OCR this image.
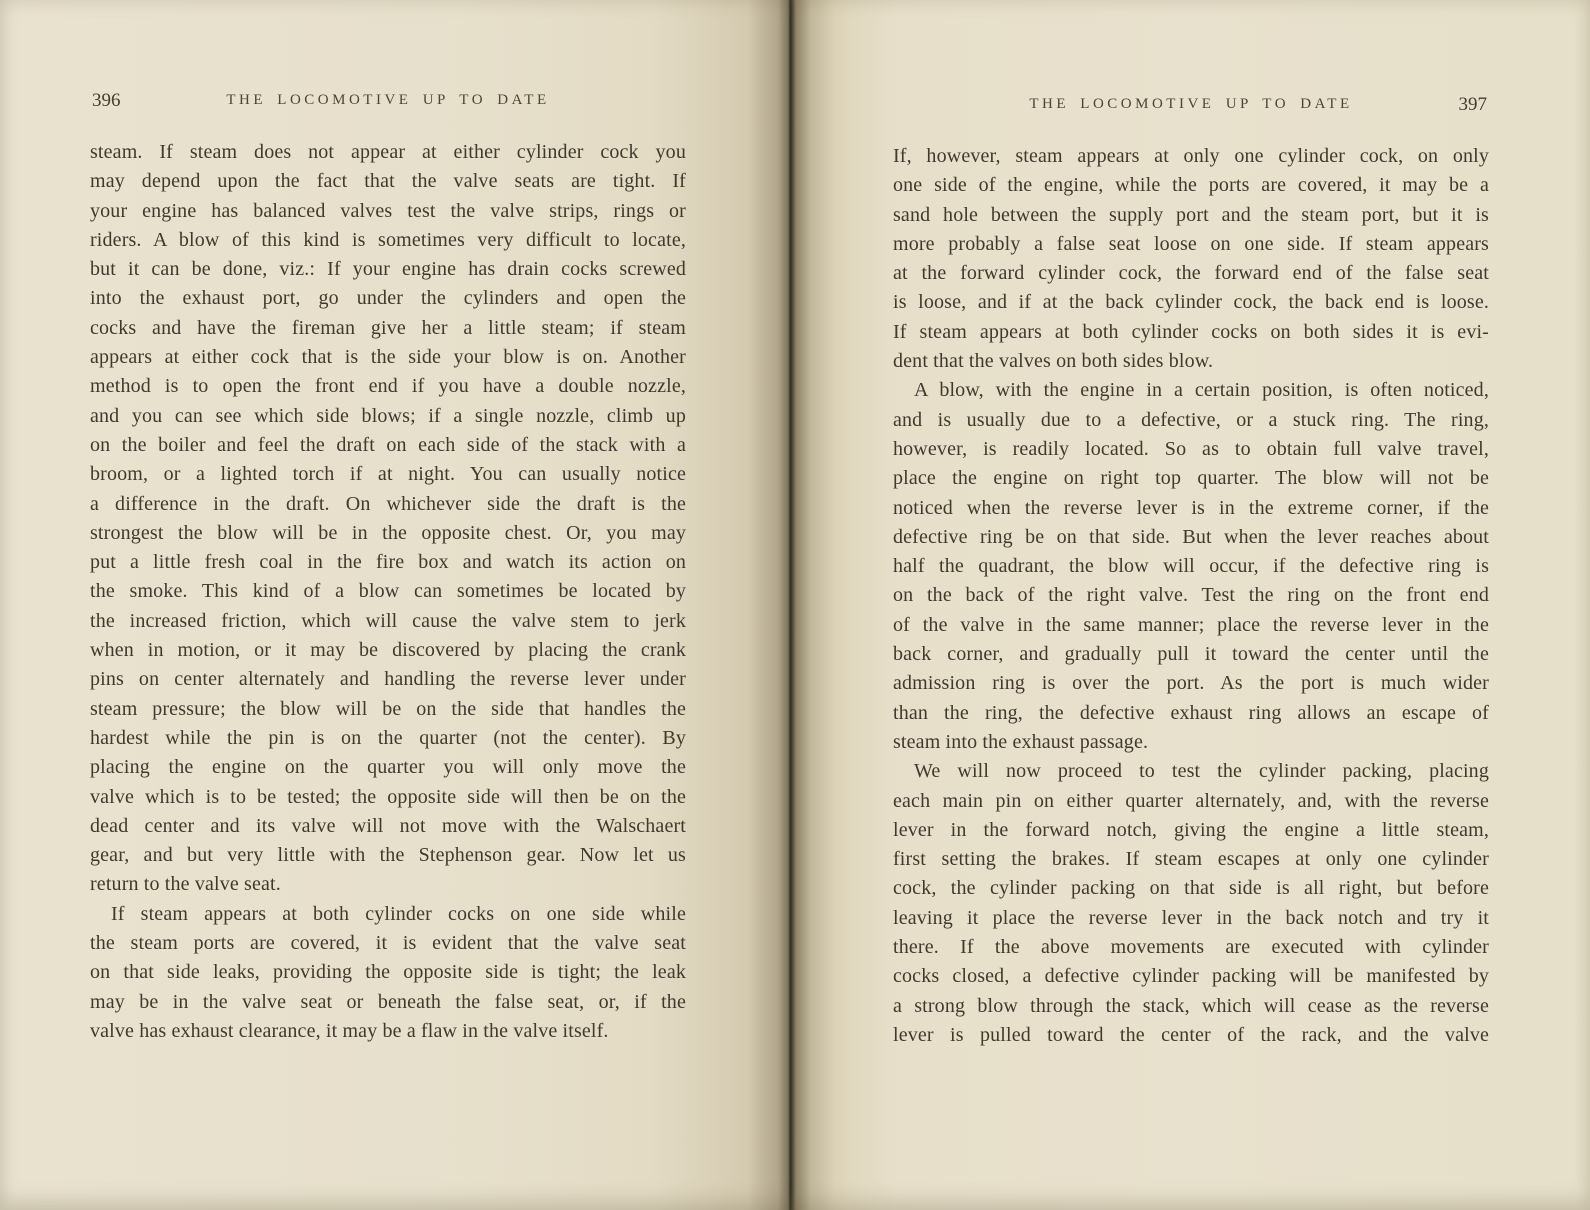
396	THE LOCOMOTIVE UP TO DATE
steam. If steam does not appear at either cylinder cock you
may depend upon the fact that the valve seats are tight. If
your engine has balanced valves test the valve strips, rings or
riders. A blow of this kind is sometimes very difficult to locate,
but it can be done, viz.: If your engine has drain cocks screwed
into the exhaust port, go under the cylinders and open the
cocks and have the fireman give her a little steam; if steam
appears at either cock that is the side your blow is on. Another
method is to open the front end if you have a double nozzle,
and you can see which side blows; if a single nozzle, climb up
on the boiler and feel the draft on each side of the stack with a
broom, or a lighted torch if at night. You can usually notice
a difference in the draft. On whichever side the draft is the
strongest the blow will be in the opposite chest. Or, you may
put a little fresh coal in the fire box and watch its action on
the smoke. This kind of a blow can sometimes be located by
the increased friction, which will cause the valve stem to jerk
when in motion, or it may be discovered by placing the crank
pins on center alternately and handling the reverse lever under
steam pressure; the blow will be on the side that handles the
hardest while the pin is on the quarter (not the center). By
placing the engine on the quarter you will only move the
valve which is to be tested; the opposite side will then be on the
dead center and its valve will not move with the Walschaert
gear, and but very little with the Stephenson gear. Now let us
return to the valve seat.
If steam appears at both cylinder cocks on one side while
the steam ports are covered, it is evident that the valve seat
on that side leaks, providing the opposite side is tight; the leak
may be in the valve seat or beneath the false seat, or, if the
valve has exhaust clearance, it may be a flaw in the valve itself.
THE LOCOMOTIVE UP TO DATE	397
If, however, steam appears at only one cylinder cock, on only
one side of the engine, while the ports are covered, it may be a
sand hole between the supply port and the steam port, but it is
more probably a false seat loose on one side. If steam appears
at the forward cylinder cock, the forward end of the false seat
is loose, and if at the back cylinder cock, the back end is loose.
If steam appears at both cylinder cocks on both sides it is evi-
dent that the valves on both sides blow.
A blow, with the engine in a certain position, is often noticed,
and is usually due to a defective, or a stuck ring. The ring,
however, is readily located. So as to obtain full valve travel,
place the engine on right top quarter. The blow will not be
noticed when the reverse lever is in the extreme corner, if the
defective ring be on that side. But when the lever reaches about
half the quadrant, the blow will occur, if the defective ring is
on the back of the right valve. Test the ring on the front end
of the valve in the same manner; place the reverse lever in the
back corner, and gradually pull it toward the center until the
admission ring is over the port. As the port is much wider
than the ring, the defective exhaust ring allows an escape of
steam into the exhaust passage.
We will now proceed to test the cylinder packing, placing
each main pin on either quarter alternately, and, with the reverse
lever in the forward notch, giving the engine a little steam,
first setting the brakes. If steam escapes at only one cylinder
cock, the cylinder packing on that side is all right, but before
leaving it place the reverse lever in the back notch and try it
there. If the above movements are executed with cylinder
cocks closed, a defective cylinder packing will be manifested by
a strong blow through the stack, which will cease as the reverse
lever is pulled toward the center of the rack, and the valve
